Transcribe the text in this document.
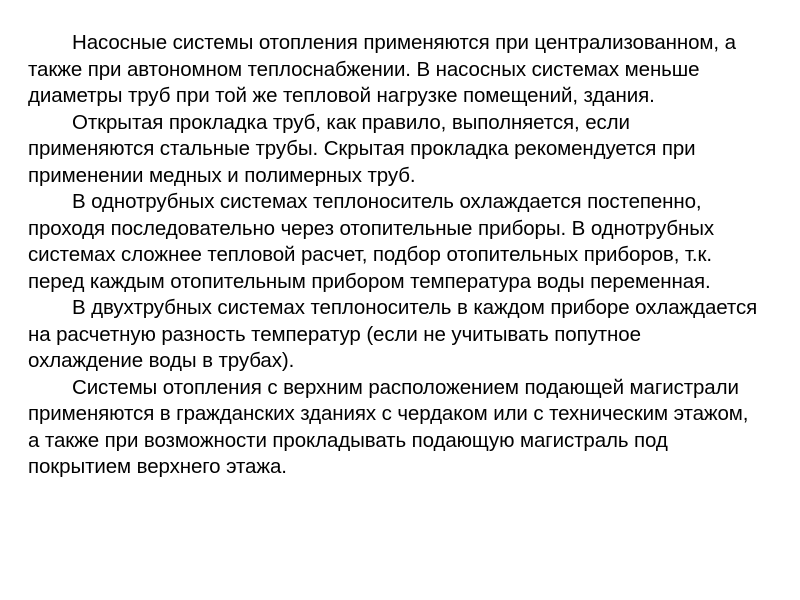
Насосные системы отопления применяются при централизованном, а также при автономном теплоснабжении. В насосных системах меньше диаметры труб при той же тепловой нагрузке помещений, здания.

Открытая прокладка труб, как правило, выполняется, если применяются стальные трубы. Скрытая прокладка рекомендуется при применении медных и полимерных труб.

В однотрубных системах теплоноситель охлаждается постепенно, проходя последовательно через отопительные приборы. В однотрубных системах сложнее тепловой расчет, подбор отопительных приборов, т.к. перед каждым отопительным прибором температура воды переменная.

В двухтрубных системах теплоноситель в каждом приборе охлаждается на расчетную разность температур (если не учитывать попутное охлаждение воды в трубах).

Системы отопления с верхним расположением подающей магистрали применяются в гражданских зданиях с чердаком или с техническим этажом, а также при возможности прокладывать подающую магистраль под покрытием верхнего этажа.
